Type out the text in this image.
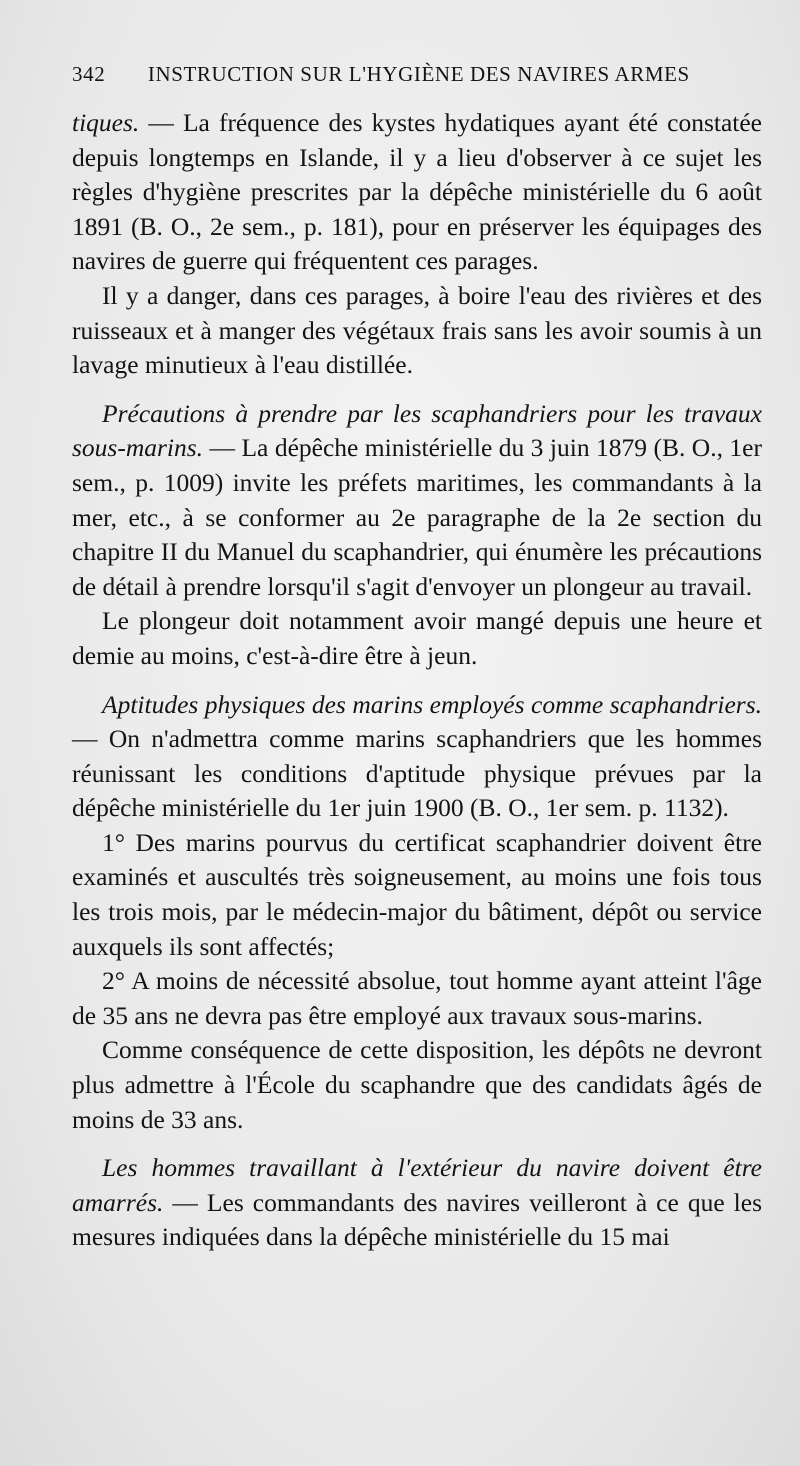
342 INSTRUCTION SUR L'HYGIÈNE DES NAVIRES ARMES

tiques. — La fréquence des kystes hydatiques ayant été constatée depuis longtemps en Islande, il y a lieu d'observer à ce sujet les règles d'hygiène prescrites par la dépêche ministérielle du 6 août 1891 (B. O., 2e sem., p. 181), pour en préserver les équipages des navires de guerre qui fréquentent ces parages.

Il y a danger, dans ces parages, à boire l'eau des rivières et des ruisseaux et à manger des végétaux frais sans les avoir soumis à un lavage minutieux à l'eau distillée.

Précautions à prendre par les scaphandriers pour les travaux sous-marins. — La dépêche ministérielle du 3 juin 1879 (B. O., 1er sem., p. 1009) invite les préfets maritimes, les commandants à la mer, etc., à se conformer au 2e paragraphe de la 2e section du chapitre II du Manuel du scaphandrier, qui énumère les précautions de détail à prendre lorsqu'il s'agit d'envoyer un plongeur au travail.

Le plongeur doit notamment avoir mangé depuis une heure et demie au moins, c'est-à-dire être à jeun.

Aptitudes physiques des marins employés comme scaphandriers. — On n'admettra comme marins scaphandriers que les hommes réunissant les conditions d'aptitude physique prévues par la dépêche ministérielle du 1er juin 1900 (B. O., 1er sem. p. 1132).

1° Des marins pourvus du certificat scaphandrier doivent être examinés et auscultés très soigneusement, au moins une fois tous les trois mois, par le médecin-major du bâtiment, dépôt ou service auxquels ils sont affectés;

2° A moins de nécessité absolue, tout homme ayant atteint l'âge de 35 ans ne devra pas être employé aux travaux sous-marins.

Comme conséquence de cette disposition, les dépôts ne devront plus admettre à l'École du scaphandre que des candidats âgés de moins de 33 ans.

Les hommes travaillant à l'extérieur du navire doivent être amarrés. — Les commandants des navires veilleront à ce que les mesures indiquées dans la dépêche ministérielle du 15 mai
